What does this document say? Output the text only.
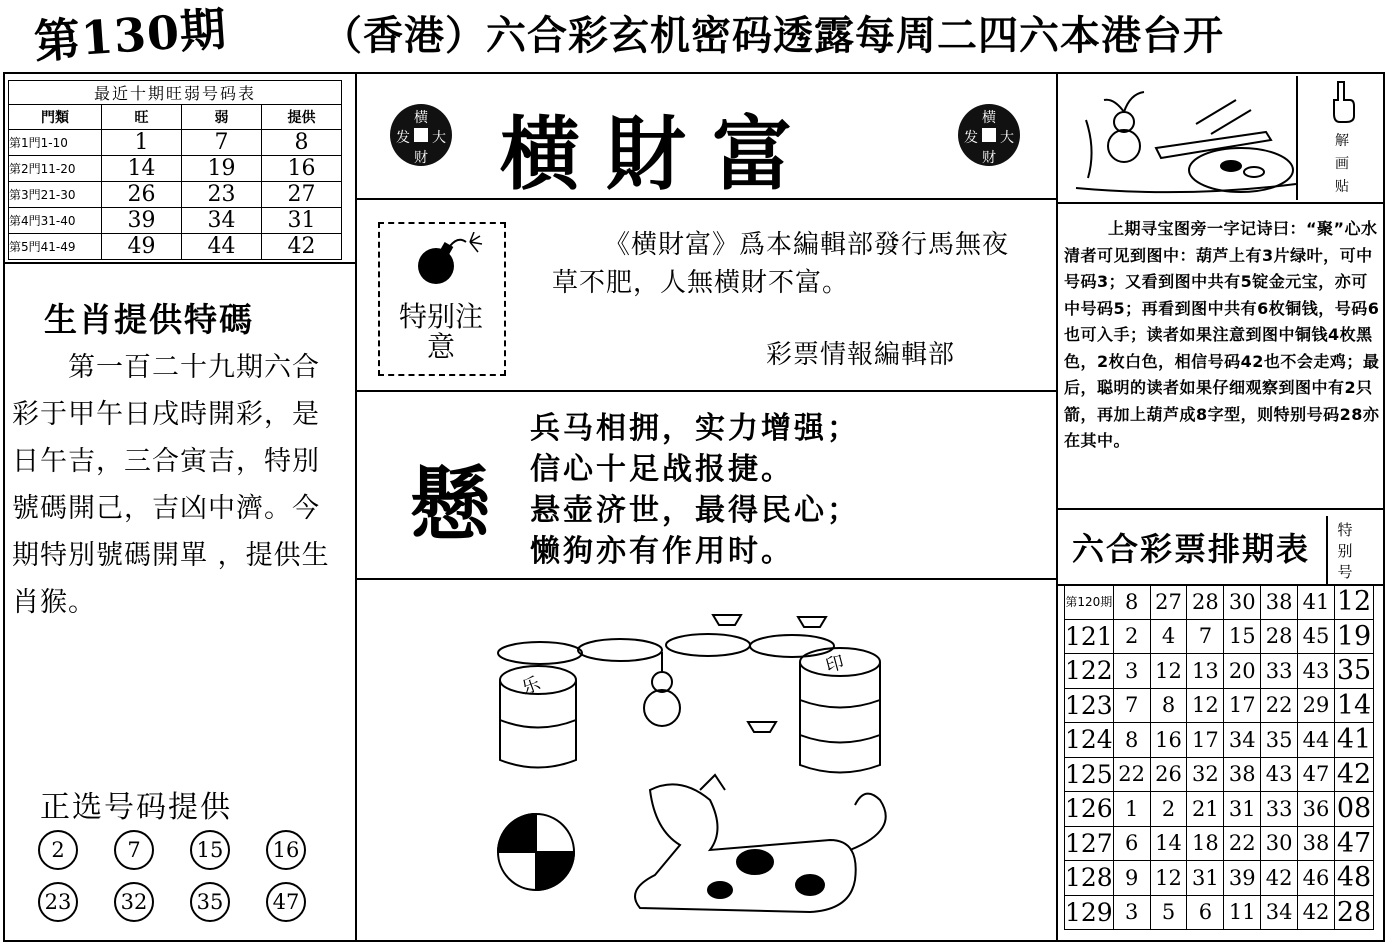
第130期 （香港）六合彩玄机密码透露每周二四六本港台开
最近十期旺弱号码表			
門類	旺	弱	提供
第1門1-10	1	7	8
第2門11-20	14	19	16
第3門21-30	26	23	27
第4門31-40	39	34	31
第5門41-49	49	44	42
生肖提供特碼
第一百二十九期六合彩于甲午日戌時開彩，是日午吉，三合寅吉，特別號碼開己，吉凶中濟。今期特別號碼開單 ，提供生肖猴。
正选号码提供
2	7	15	16
23	32	35	47
横
发 大
财 横財富	横
发 大
财
特别注意
《横財富》爲本編輯部發行馬無夜草不肥，人無横財不富。
彩票情報編輯部
懸
兵马相拥，实力增强；
信心十足战报捷。
悬壶济世，最得民心；
懒狗亦有作用时。
乐
印
解画贴
上期寻宝图旁一字记诗曰：“聚”心水清者可见到图中：葫芦上有3片绿叶，可中号码3；又看到图中共有5锭金元宝，亦可中号码5；再看到图中共有6枚铜钱，号码6也可入手；读者如果注意到图中铜钱4枚黑色，2枚白色，相信号码42也不会走鸡；最后，聪明的读者如果仔细观察到图中有2只箭，再加上葫芦成8字型，则特别号码28亦在其中。
六合彩票排期表 特别号
第120期	8	27	28	30	38	41	12
121	2	4	7	15	28	45	19
122	3	12	13	20	33	43	35
123	7	8	12	17	22	29	14
124	8	16	17	34	35	44	41
125	22	26	32	38	43	47	42
126	1	2	21	31	33	36	08
127	6	14	18	22	30	38	47
128	9	12	31	39	42	46	48
129	3	5	6	11	34	42	28
